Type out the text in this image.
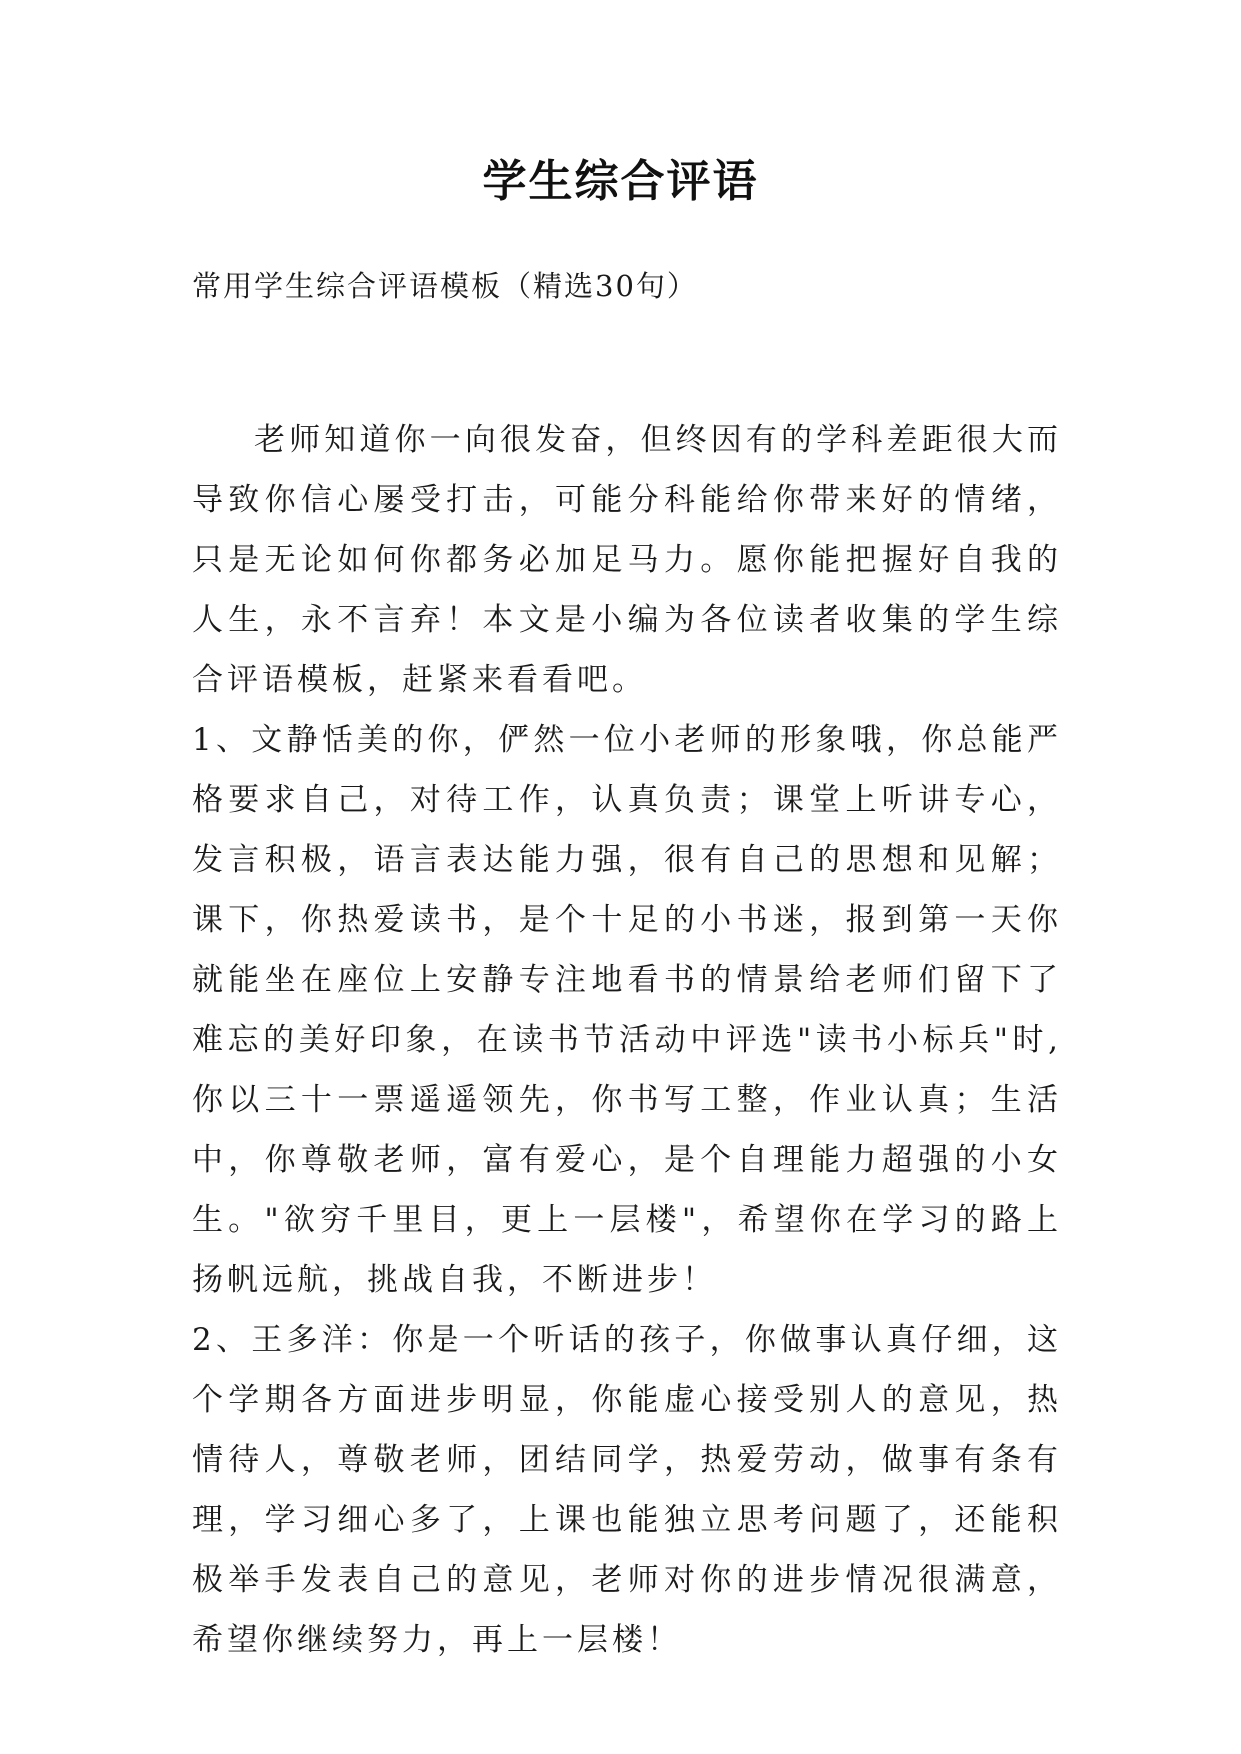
学生综合评语

常用学生综合评语模板（精选30句）

老师知道你一向很发奋，但终因有的学科差距很大而导致你信心屡受打击，可能分科能给你带来好的情绪，只是无论如何你都务必加足马力。愿你能把握好自我的人生，永不言弃！本文是小编为各位读者收集的学生综合评语模板，赶紧来看看吧。

1、文静恬美的你，俨然一位小老师的形象哦，你总能严格要求自己，对待工作，认真负责；课堂上听讲专心，发言积极，语言表达能力强，很有自己的思想和见解；课下，你热爱读书，是个十足的小书迷，报到第一天你就能坐在座位上安静专注地看书的情景给老师们留下了难忘的美好印象，在读书节活动中评选"读书小标兵"时,你以三十一票遥遥领先，你书写工整，作业认真；生活中，你尊敬老师，富有爱心，是个自理能力超强的小女生。"欲穷千里目，更上一层楼"，希望你在学习的路上扬帆远航，挑战自我，不断进步！

2、王多洋：你是一个听话的孩子，你做事认真仔细，这个学期各方面进步明显，你能虚心接受别人的意见，热情待人，尊敬老师，团结同学，热爱劳动，做事有条有理，学习细心多了，上课也能独立思考问题了，还能积极举手发表自己的意见，老师对你的进步情况很满意，希望你继续努力，再上一层楼！
